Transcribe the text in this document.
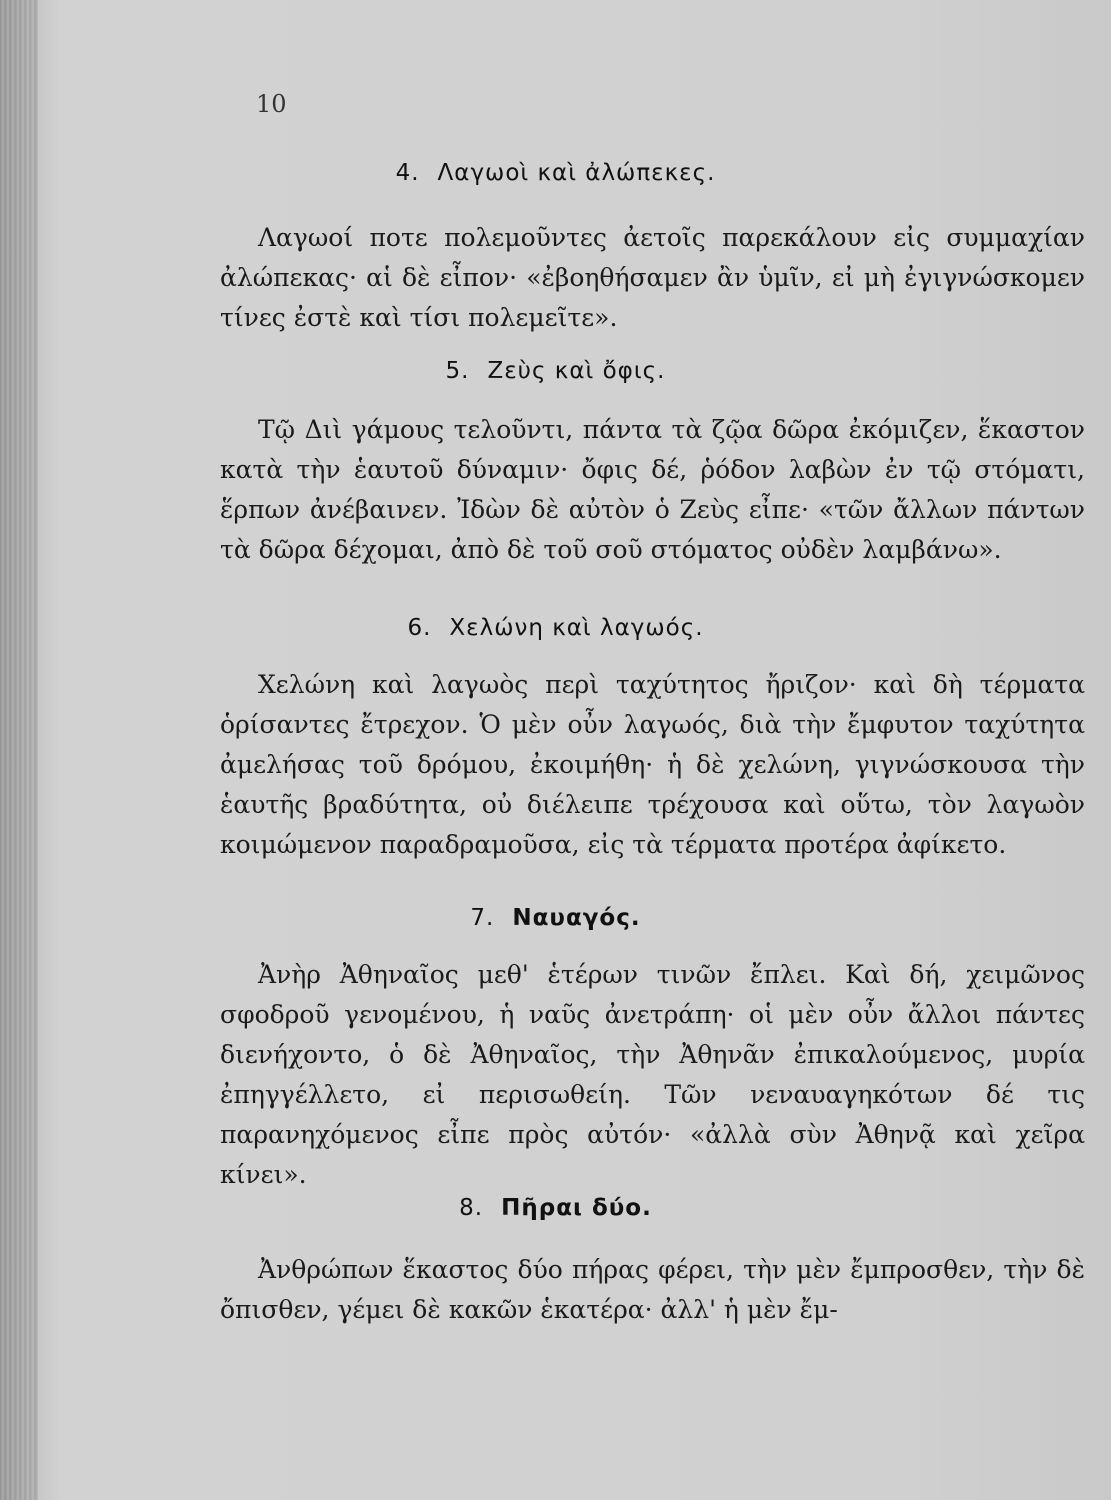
10
4. Λαγωοὶ καὶ ἀλώπεκες.
Λαγωοί ποτε πολεμοῦντες ἀετοῖς παρεκάλουν εἰς συμμαχίαν ἀλώπεκας· αἱ δὲ εἶπον· «ἐβοηθήσαμεν ἂν ὑμῖν, εἰ μὴ ἐγιγνώσκομεν τίνες ἐστὲ καὶ τίσι πολεμεῖτε».
5. Ζεὺς καὶ ὄφις.
Τῷ Διὶ γάμους τελοῦντι, πάντα τὰ ζῷα δῶρα ἐκόμιζεν, ἕκαστον κατὰ τὴν ἑαυτοῦ δύναμιν· ὄφις δέ, ῥόδον λαβὼν ἐν τῷ στόματι, ἕρπων ἀνέβαινεν. Ἰδὼν δὲ αὐτὸν ὁ Ζεὺς εἶπε· «τῶν ἄλλων πάντων τὰ δῶρα δέχομαι, ἀπὸ δὲ τοῦ σοῦ στόματος οὐδὲν λαμβάνω».
6. Χελώνη καὶ λαγωός.
Χελώνη καὶ λαγωὸς περὶ ταχύτητος ἤριζον· καὶ δὴ τέρματα ὁρίσαντες ἔτρεχον. Ὁ μὲν οὖν λαγωός, διὰ τὴν ἔμφυτον ταχύτητα ἀμελήσας τοῦ δρόμου, ἐκοιμήθη· ἡ δὲ χελώνη, γιγνώσκουσα τὴν ἑαυτῆς βραδύτητα, οὐ διέλειπε τρέχουσα καὶ οὕτω, τὸν λαγωὸν κοιμώμενον παραδραμοῦσα, εἰς τὰ τέρματα προτέρα ἀφίκετο.
7. Ναυαγός.
Ἀνὴρ Ἀθηναῖος μεθ' ἑτέρων τινῶν ἔπλει. Καὶ δή, χειμῶνος σφοδροῦ γενομένου, ἡ ναῦς ἀνετράπη· οἱ μὲν οὖν ἄλλοι πάντες διενήχοντο, ὁ δὲ Ἀθηναῖος, τὴν Ἀθηνᾶν ἐπικαλούμενος, μυρία ἐπηγγέλλετο, εἰ περισωθείη. Τῶν νεναυαγηκότων δέ τις παρανηχόμενος εἶπε πρὸς αὐτόν· «ἀλλὰ σὺν Ἀθηνᾷ καὶ χεῖρα κίνει».
8. Πῆραι δύο.
Ἀνθρώπων ἕκαστος δύο πήρας φέρει, τὴν μὲν ἔμπροσθεν, τὴν δὲ ὄπισθεν, γέμει δὲ κακῶν ἑκατέρα· ἀλλ' ἡ μὲν ἔμ-
